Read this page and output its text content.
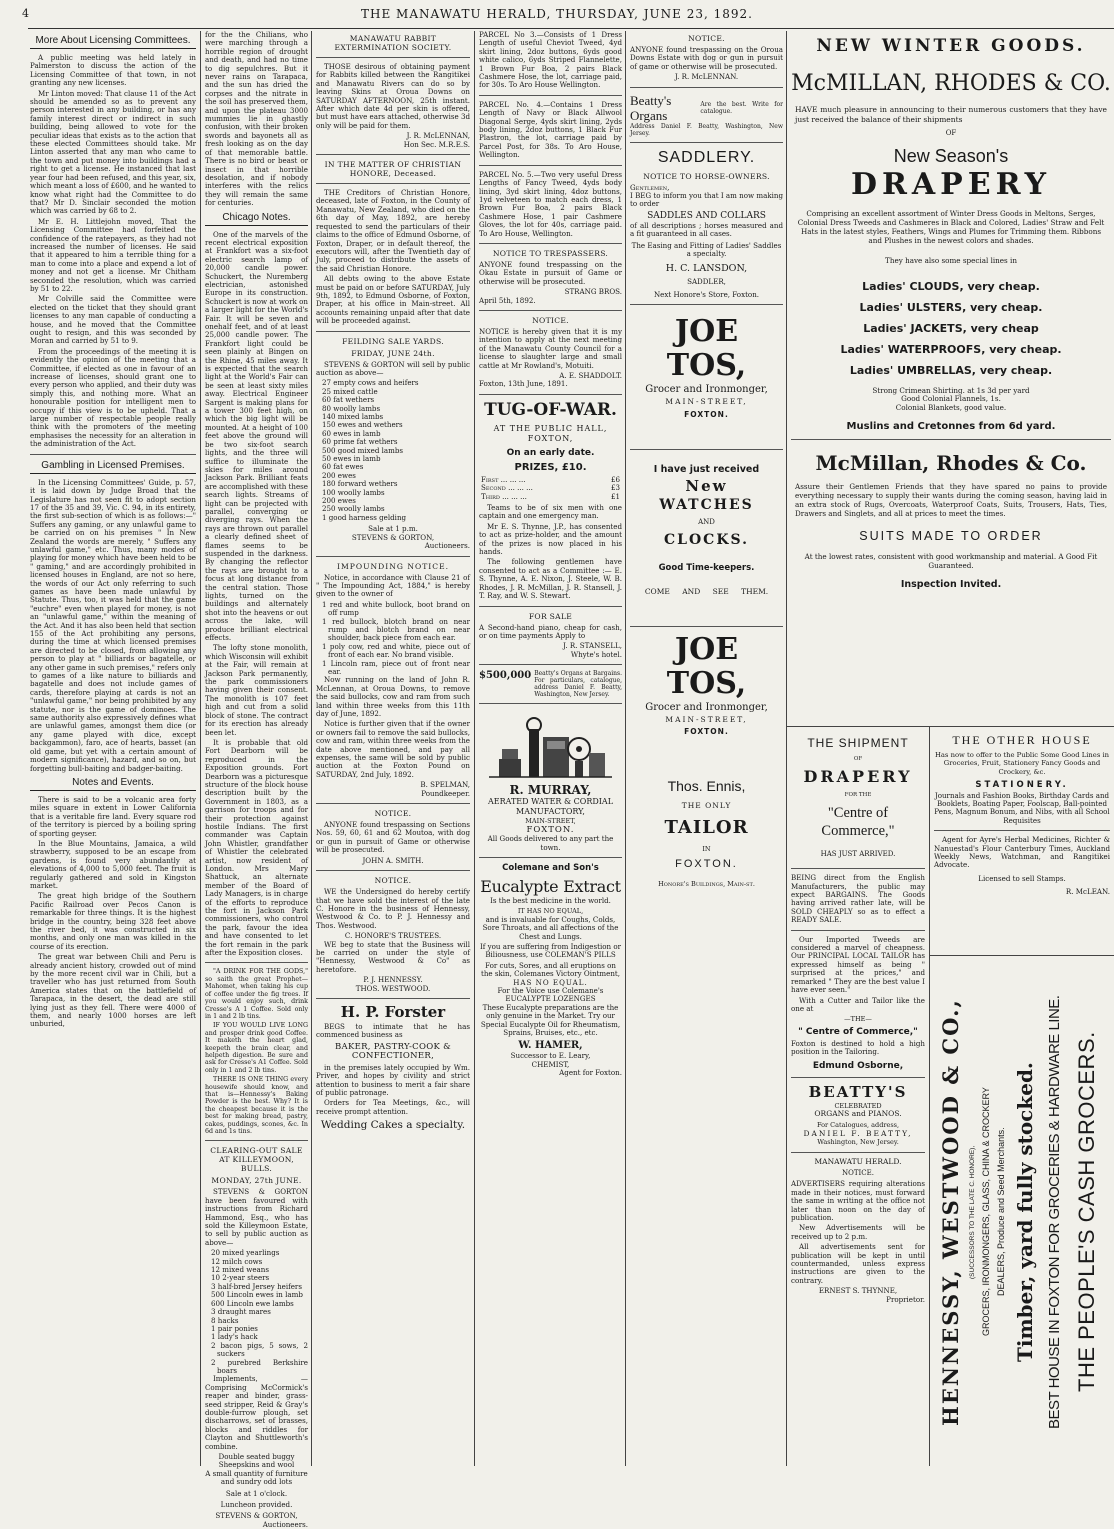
4	THE MANAWATU HERALD, THURSDAY, JUNE 23, 1892.
More About Licensing Committees.

A public meeting was held lately in Palmerston to discuss the action of the Licensing Committee of that town, in not granting any new licenses.

Mr Linton moved: That clause 11 of the Act should be amended so as to prevent any person interested in any building, or has any family interest direct or indirect in such building, being allowed to vote for the peculiar ideas that exists as to the action that these elected Committees should take. Mr Linton asserted that any man who came to the town and put money into buildings had a right to get a license. He instanced that last year four had been refused, and this year, six, which meant a loss of £600, and he wanted to know what right had the Committee to do that? Mr D. Sinclair seconded the motion which was carried by 68 to 2.

Mr E. H. Littlejohn moved, That the Licensing Committee had forfeited the confidence of the ratepayers, as they had not increased the number of licenses. He said that it appeared to him a terrible thing for a man to come into a place and expend a lot of money and not get a license. Mr Chitham seconded the resolution, which was carried by 51 to 22.

Mr Colville said the Committee were elected on the ticket that they should grant licenses to any man capable of conducting a house, and he moved that the Committee ought to resign, and this was seconded by Moran and carried by 51 to 9.

From the proceedings of the meeting it is evidently the opinion of the meeting that a Committee, if elected as one in favour of an increase of licenses, should grant one to every person who applied, and their duty was simply this, and nothing more. What an honourable position for intelligent men to occupy if this view is to be upheld. That a large number of respectable people really think with the promoters of the meeting emphasises the necessity for an alteration in the administration of the Act.

Gambling in Licensed Premises.

In the Licensing Committees' Guide, p. 57, it is laid down by Judge Broad that the Legislature has not seen fit to adopt section 17 of the 35 and 39, Vic. C. 94, in its entirety, the first sub-section of which is as follows:—" Suffers any gaming, or any unlawful game to be carried on on his premises " In New Zealand the words are merely, " Suffers any unlawful game," etc. Thus, many modes of playing for money which have been held to be " gaming," and are accordingly prohibited in licensed houses in England, are not so here, the words of our Act only referring to such games as have been made unlawful by Statute. Thus, too, it was held that the game "euchre" even when played for money, is not an "unlawful game," within the meaning of the Act. And it has also been held that section 155 of the Act prohibiting any persons, during the time at which licensed premises are directed to be closed, from allowing any person to play at " billiards or bagatelle, or any other game in such premises," refers only to games of a like nature to billiards and bagatelle and does not include games of cards, therefore playing at cards is not an "unlawful game," nor being prohibited by any statute, nor is the game of dominoes. The same authority also expressively defines what are unlawful games, amongst them dice (or any game played with dice, except backgammon), faro, ace of hearts, basset (an old game, but yet with a certain amount of modern significance), hazard, and so on, but forgetting bull-baiting and badger-baiting.

Notes and Events.

There is said to be a volcanic area forty miles square in extent in Lower California that is a veritable fire land. Every square rod of the territory is pierced by a boiling spring of sporting geyser.

In the Blue Mountains, Jamaica, a wild strawberry, supposed to be an escape from gardens, is found very abundantly at elevations of 4,000 to 5,000 feet. The fruit is regularly gathered and sold in Kingston market.

The great high bridge of the Southern Pacific Railroad over Pecos Canon is remarkable for three things. It is the highest bridge in the country, being 328 feet above the river bed, it was constructed in six months, and only one man was killed in the course of its erection.

The great war between Chili and Peru is already ancient history, crowded out of mind by the more recent civil war in Chili, but a traveller who has just returned from South America states that on the battlefield of Tarapaca, in the desert, the dead are still lying just as they fell. There were 4000 of them, and nearly 1000 horses are left unburied,

for the the Chilians, who were marching through a horrible region of drought and death, and had no time to dig sepulchres. But it never rains on Tarapaca, and the sun has dried the corpses and the nitrate in the soil has preserved them, and upon the plateau 3000 mummies lie in ghastly confusion, with their broken swords and bayonets all as fresh looking as on the day of that memorable battle. There is no bird or beast or insect in that horrible desolation, and if nobody interferes with the relics they will remain the same for centuries.

Chicago Notes.

One of the marvels of the recent electrical exposition at Frankfort was a six-foot electric search lamp of 20,000 candle power. Schuckert, the Nuremberg electrician, astonished Europe in its construction. Schuckert is now at work on a larger light for the World's Fair. It will be seven and onehalf feet, and of at least 25,000 candle power. The Frankfort light could be seen plainly at Bingen on the Rhine, 45 miles away. It is expected that the search light at the World's Fair can be seen at least sixty miles away. Electrical Engineer Sargent is making plans for a tower 300 feet high, on which the big light will be mounted. At a height of 100 feet above the ground will be two six-foot search lights, and the three will suffice to illuminate the skies for miles around Jackson Park. Brilliant feats are accomplished with these search lights. Streams of light can be projected with parallel, converging or diverging rays. When the rays are thrown out parallel a clearly defined sheet of flames seems to be suspended in the darkness. By changing the reflector the rays are brought to a focus at long distance from the central station. Those lights, turned on the buildings and alternately shot into the heavens or out across the lake, will produce brilliant electrical effects.

The lofty stone monolith, which Wisconsin will exhibit at the Fair, will remain at Jackson Park permanently, the park commissioners having given their consent. The monolith is 107 feet high and cut from a solid block of stone. The contract for its erection has already been let.

It is probable that old Fort Dearborn will be reproduced in the Exposition grounds. Fort Dearborn was a picturesque structure of the block house description built by the Government in 1803, as a garrison for troops and for their protection against hostile Indians. The first commander was Captain John Whistler, grandfather of Whistler the celebrated artist, now resident of London. Mrs Mary Shattuck, an alternate member of the Board of Lady Managers, is in charge of the efforts to reproduce the fort in Jackson Park commissioners, who control the park, favour the idea and have consented to let the fort remain in the park after the Exposition closes.

"A DRINK FOR THE GODS," so saith the great Prophet—Mahomet, when taking his cup of coffee under the fig trees. If you would enjoy such, drink Cresse's A 1 Coffee. Sold only in 1 and 2 lb tins.

IF YOU WOULD LIVE LONG and prosper drink good Coffee. It maketh the heart glad, keepeth the brain clear, and helpeth digestion. Be sure and ask for Cresse's A1 Coffee. Sold only in 1 and 2 lb tins.

THERE IS ONE THING every housewife should know, and that is—Hennessy's Baking Powder is the best. Why? It is the cheapest because it is the best for making bread, pastry, cakes, puddings, scones, &c. In 6d and 1s tins.

CLEARING-OUT SALE AT KILLEYMOON, BULLS.
MONDAY, 27th JUNE.

STEVENS & GORTON have been favoured with instructions from Richard Hammond, Esq., who has sold the Killeymoon Estate, to sell by public auction as above—

20 mixed yearlings
12 milch cows
12 mixed weans
10 2-year steers
3 half-bred Jersey heifers
500 Lincoln ewes in lamb
600 Lincoln ewe lambs
3 draught mares
8 hacks
1 pair ponies
1 lady's hack
2 bacon pigs, 5 sows, 2 suckers
2 purebred Berkshire boars

Implements, — Comprising McCormick's reaper and binder, grass-seed stripper, Reid & Gray's double-furrow plough, set discharrows, set of brasses, blocks and riddles for Clayton and Shuttleworth's combine.

Double seated buggy
Sheepskins and wool
A small quantity of furniture and sundry odd lots
Sale at 1 o'clock.
Luncheon provided.
STEVENS & GORTON,
Auctioneers.
MANAWATU RABBIT EXTERMINATION SOCIETY.

THOSE desirous of obtaining payment for Rabbits killed between the Rangitikei and Manawatu Rivers can do so by leaving Skins at Oroua Downs on SATURDAY AFTERNOON, 25th instant. After which date 4d per skin is offered, but must have ears attached, otherwise 3d only will be paid for them.

J. R. McLENNAN,
Hon Sec. M.R.E.S.
IN THE MATTER OF CHRISTIAN HONORE, Deceased.

THE Creditors of Christian Honore, deceased, late of Foxton, in the County of Manawatu, New Zealand, who died on the 6th day of May, 1892, are hereby requested to send the particulars of their claims to the office of Edmund Osborne, of Foxton, Draper, or in default thereof, the executors will, after the Twentieth day of July, proceed to distribute the assets of the said Christian Honore.

All debts owing to the above Estate must be paid on or before SATURDAY, July 9th, 1892, to Edmund Osborne, of Foxton, Draper, at his office in Main-street. All accounts remaining unpaid after that date will be proceeded against.

FEILDING SALE YARDS.
FRIDAY, JUNE 24th.

STEVENS & GORTON will sell by public auction as above—

27 empty cows and heifers
25 mixed cattle
60 fat wethers
80 woolly lambs
140 mixed lambs
150 ewes and wethers
60 ewes in lamb
60 prime fat wethers
500 good mixed lambs
50 ewes in lamb
60 fat ewes
200 ewes
180 forward wethers
100 woolly lambs
200 ewes
250 woolly lambs
1 good harness gelding
Sale at 1 p.m.
STEVENS & GORTON,
Auctioneers.
IMPOUNDING NOTICE.

Notice, in accordance with Clause 21 of " The Impounding Act, 1884," is hereby given to the owner of

1 red and white bullock, boot brand on off rump
1 red bullock, blotch brand on near rump and blotch brand on near shoulder, back piece from each ear.
1 poly cow, red and white, piece out of front of each ear. No brand visible.
1 Lincoln ram, piece out of front near ear.

Now running on the land of John R. McLennan, at Oroua Downs, to remove the said bullocks, cow and ram from such land within three weeks from this 11th day of June, 1892.

Notice is further given that if the owner or owners fail to remove the said bullocks, cow and ram, within three weeks from the date above mentioned, and pay all expenses, the same will be sold by public auction at the Foxton Pound on SATURDAY, 2nd July, 1892.

B. SPELMAN,
Poundkeeper.
NOTICE.

ANYONE found trespassing on Sections Nos. 59, 60, 61 and 62 Moutoa, with dog or gun in pursuit of Game or otherwise will be prosecuted.

JOHN A. SMITH.
NOTICE.

WE the Undersigned do hereby certify that we have sold the interest of the late C. Honore in the business of Hennessy, Westwood & Co. to P. J. Hennessy and Thos. Westwood.

C. HONORE'S TRUSTEES.

WE beg to state that the Business will be carried on under the style of "Hennessy, Westwood & Co" as heretofore.

P. J. HENNESSY.
THOS. WESTWOOD.
H. P. Forster

BEGS to intimate that he has commenced business as

BAKER, PASTRY-COOK & CONFECTIONER,

in the premises lately occupied by Wm. Priver, and hopes by civility and strict attention to business to merit a fair share of public patronage.

Orders for Tea Meetings, &c., will receive prompt attention.

Wedding Cakes a specialty.

PARCEL No 3.—Consists of 1 Dress Length of useful Cheviot Tweed, 4yd skirt lining, 2doz buttons, 6yds good white calico, 6yds Striped Flannelette, 1 Brown Fur Boa, 2 pairs Black Cashmere Hose, the lot, carriage paid, for 30s. To Aro House Wellington.

PARCEL No. 4.—Contains 1 Dress Length of Navy or Black Allwool Diagonal Serge, 4yds skirt lining, 2yds body lining, 2doz buttons, 1 Black Fur Plastron, the lot, carriage paid by Parcel Post, for 38s. To Aro House, Wellington.

PARCEL No. 5.—Two very useful Dress Lengths of Fancy Tweed, 4yds body lining, 3yd skirt lining, 4doz buttons, 1yd velveteen to match each dress, 1 Brown Fur Boa, 2 pairs Black Cashmere Hose, 1 pair Cashmere Gloves, the lot for 40s, carriage paid. To Aro House, Wellington.

NOTICE TO TRESPASSERS.

ANYONE found trespassing on the Okau Estate in pursuit of Game or otherwise will be prosecuted.

STRANG BROS.
April 5th, 1892.
NOTICE.

NOTICE is hereby given that it is my intention to apply at the next meeting of the Manawatu County Council for a license to slaughter large and small cattle at Mr Rowland's, Motuiti.

A. E. SHADDOLT.
Foxton, 13th June, 1891.
TUG-OF-WAR.
AT THE PUBLIC HALL, FOXTON,
On an early date.
PRIZES, £10.
First ... ... ...	£6
Second ... ... ...	£3
Third ... ... ...	£1

Teams to be of six men with one captain and one emergency man.

Mr E. S. Thynne, J.P., has consented to act as prize-holder, and the amount of the prizes is now placed in his hands.

The following gentlemen have consented to act as a Committee :— E. S. Thynne, A. E. Nixon, J. Steele, W. B. Rhodes, J. R. McMillan, J. R. Stansell, J. T. Ray, and W. S. Stewart.

FOR SALE

A Second-hand piano, cheap for cash, or on time payments Apply to

J. R. STANSELL,
Whyte's hotel.
$500,000 Beatty's Organs at Bargains. For particulars, catalogue, address Daniel F. Beatty, Washington, New Jersey.
R. MURRAY,
AERATED WATER & CORDIAL MANUFACTORY,
MAIN-STREET,
FOXTON.
All Goods delivered to any part the town.
Colemane and Son's
Eucalypte Extract
Is the best medicine in the world.
IT HAS NO EQUAL,
and is invaluable for Coughs, Colds, Sore Throats, and all affections of the Chest and Lungs.
If you are suffering from Indigestion or Biliousness, use COLEMAN'S PILLS
For cuts, Sores, and all eruptions on the skin, Colemanes Victory Ointment,
HAS NO EQUAL.
For the Voice use Colemane's EUCALYPTE LOZENGES
These Eucalypte preparations are the only genuine in the Market. Try our Special Eucalypte Oil for Rheumatism, Sprains, Bruises, etc., etc.
W. HAMER,
Successor to E. Leary,
CHEMIST,
Agent for Foxton.
NOTICE.

ANYONE found trespassing on the Oroua Downs Estate with dog or gun in pursuit of game or otherwise will be prosecuted.

J. R. McLENNAN.
Beatty's Organs
Are the best. Write for catalogue.
Address Daniel F. Beatty, Washington, New Jersey.
SADDLERY.
NOTICE TO HORSE-OWNERS.
Gentlemen,

I BEG to inform you that I am now making to order

SADDLES AND COLLARS

of all descriptions ; horses measured and a fit guaranteed in all cases.

The Easing and Fitting of Ladies' Saddles a specialty.
H. C. LANSDON,
SADDLER,
Next Honore's Store, Foxton.
JOE TOS,
Grocer and Ironmonger,
MAIN-STREET,
FOXTON.
I have just received
New
WATCHES
AND
CLOCKS.
Good Time-keepers.
COME AND SEE THEM.
JOE TOS,
Grocer and Ironmonger,
MAIN-STREET,
FOXTON.
Thos. Ennis,
THE ONLY
TAILOR
IN
FOXTON.
Honore's Buildings, Main-st.
NEW WINTER GOODS.
McMILLAN, RHODES & CO.

HAVE much pleasure in announcing to their numerous customers that they have just received the balance of their shipments

OF
New Season's
DRAPERY

Comprising an excellent assortment of Winter Dress Goods in Meltons, Serges, Colonial Dress Tweeds and Cashmeres in Black and Colored, Ladies' Straw and Felt Hats in the latest styles, Feathers, Wings and Plumes for Trimming them. Ribbons and Plushes in the newest colors and shades.

They have also some special lines in
Ladies' CLOUDS, very cheap.
Ladies' ULSTERS, very cheap.
Ladies' JACKETS, very cheap
Ladies' WATERPROOFS, very cheap.
Ladies' UMBRELLAS, very cheap.
Strong Crimean Shirting. at 1s 3d per yard
Good Colonial Flannels, 1s.
Colonial Blankets, good value.
Muslins and Cretonnes from 6d yard.
McMillan, Rhodes & Co.

Assure their Gentlemen Friends that they have spared no pains to provide everything necessary to supply their wants during the coming season, having laid in an extra stock of Rugs, Overcoats, Waterproof Coats, Suits, Trousers, Hats, Ties, Drawers and Singlets, and all at prices to meet the times.

SUITS MADE TO ORDER

At the lowest rates, consistent with good workmanship and material. A Good Fit Guaranteed.

Inspection Invited.
THE SHIPMENT
OF
DRAPERY
FOR THE
"Centre of Commerce,"
HAS JUST ARRIVED.

BEING direct from the English Manufacturers, the public may expect BARGAINS. The Goods having arrived rather late, will be SOLD CHEAPLY so as to effect a READY SALE.

Our Imported Tweeds are considered a marvel of cheapness. Our PRINCIPAL LOCAL TAILOR has expressed himself as being " surprised at the prices," and remarked " They are the best value I have ever seen."

With a Cutter and Tailor like the one at

—THE—
" Centre of Commerce,"

Foxton is destined to hold a high position in the Tailoring.

Edmund Osborne,
BEATTY'S
CELEBRATED
ORGANS and PIANOS.
For Catalogues, address,
DANIEL F. BEATTY,
Washington, New Jersey.
MANAWATU HERALD.
NOTICE.

ADVERTISERS requiring alterations made in their notices, must forward the same in writing at the office not later than noon on the day of publication.

New Advertisements will be received up to 2 p.m.

All advertisements sent for publication will be kept in until countermanded, unless express instructions are given to the contrary.

ERNEST S. THYNNE,
Proprietor.
THE OTHER HOUSE
Has now to offer to the Public Some Good Lines in
Groceries, Fruit, Stationery Fancy Goods and Crockery, &c.
STATIONERY.

Journals and Fashion Books, Birthday Cards and Booklets, Boating Paper, Foolscap, Ball-pointed Pens, Magnum Bonum, and Nibs, with all School Requisites

Agent for Ayre's Herbal Medicines, Richter & Nanuestad's Flour Canterbury Times, Auckland Weekly News, Watchman, and Rangitikei Advocate.

Licensed to sell Stamps.
R. McLEAN.
HENNESSY, WESTWOOD & CO., (SUCCESSORS TO THE LATE C. HONORE), GROCERS, IRONMONGERS, GLASS, CHINA & CROCKERY DEALERS, Produce and Seed Merchants. Timber, yard fully stocked. BEST HOUSE IN FOXTON FOR GROCERIES & HARDWARE LINE. THE PEOPLE'S CASH GROCERS.
